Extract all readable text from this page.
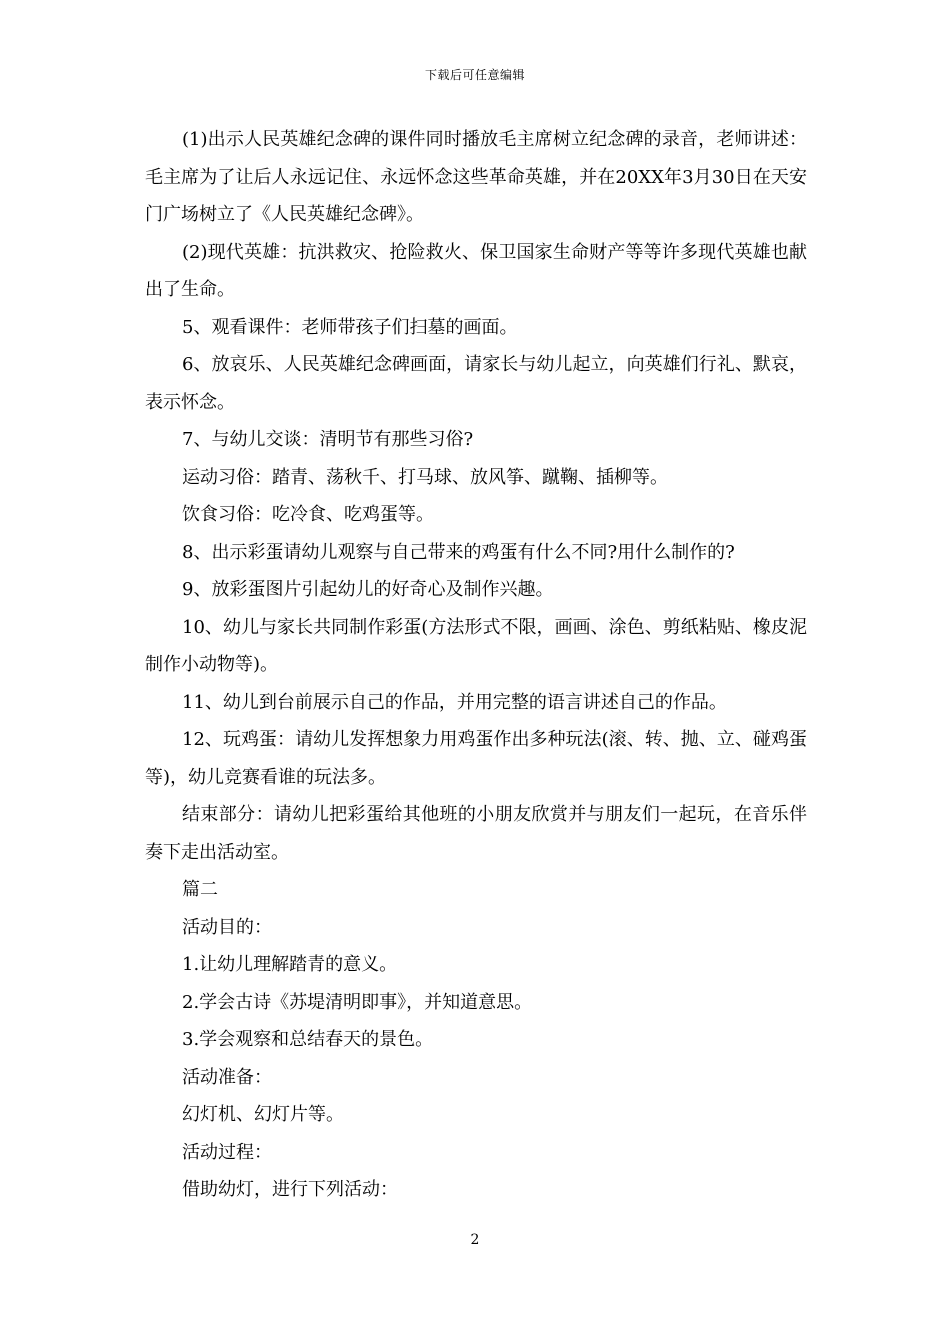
下载后可任意编辑

(1)出示人民英雄纪念碑的课件同时播放毛主席树立纪念碑的录音，老师讲述：毛主席为了让后人永远记住、永远怀念这些革命英雄，并在20XX年3月30日在天安门广场树立了《人民英雄纪念碑》。

(2)现代英雄：抗洪救灾、抢险救火、保卫国家生命财产等等许多现代英雄也献出了生命。

5、观看课件：老师带孩子们扫墓的画面。

6、放哀乐、人民英雄纪念碑画面，请家长与幼儿起立，向英雄们行礼、默哀，表示怀念。

7、与幼儿交谈：清明节有那些习俗?

运动习俗：踏青、荡秋千、打马球、放风筝、蹴鞠、插柳等。

饮食习俗：吃冷食、吃鸡蛋等。

8、出示彩蛋请幼儿观察与自己带来的鸡蛋有什么不同?用什么制作的?

9、放彩蛋图片引起幼儿的好奇心及制作兴趣。

10、幼儿与家长共同制作彩蛋(方法形式不限，画画、涂色、剪纸粘贴、橡皮泥制作小动物等)。

11、幼儿到台前展示自己的作品，并用完整的语言讲述自己的作品。

12、玩鸡蛋：请幼儿发挥想象力用鸡蛋作出多种玩法(滚、转、抛、立、碰鸡蛋等)，幼儿竞赛看谁的玩法多。

结束部分：请幼儿把彩蛋给其他班的小朋友欣赏并与朋友们一起玩，在音乐伴奏下走出活动室。

篇二

活动目的：

1.让幼儿理解踏青的意义。

2.学会古诗《苏堤清明即事》，并知道意思。

3.学会观察和总结春天的景色。

活动准备：

幻灯机、幻灯片等。

活动过程：

借助幼灯，进行下列活动：

2
